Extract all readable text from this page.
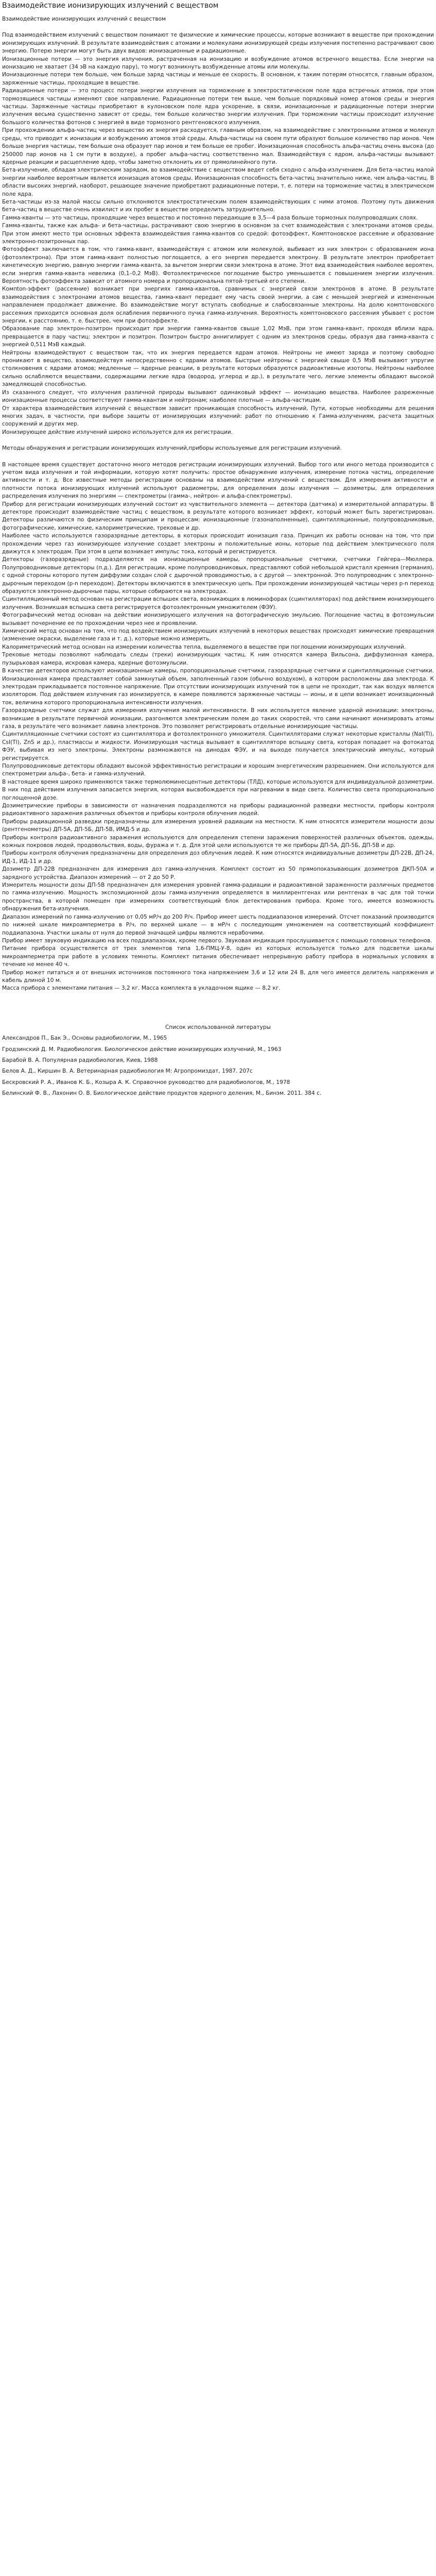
Взаимодействие ионизирующих излучений с веществом

Взаимодействие ионизирующих излучений с веществом

Под взаимодействием излучений с веществом понимают те физические и химические процессы, которые возникают в веществе при прохождении ионизирующих излучений. В результате взаимодействия с атомами и молекулами ионизирующей среды излучения постепенно растрачивают свою энергию. Потерю энергии могут быть двух видов: ионизационные и радиационные.

Ионизационные потери — это энергия излучения, растраченная на ионизацию и возбуждение атомов встречного вещества. Если энергии на ионизацию не хватает (34 эВ на каждую пару), то могут возникнуть возбужденные атомы или молекулы.

Ионизационные потери тем больше, чем больше заряд частицы и меньше ее скорость. В основном, к таким потерям относятся, главным образом, заряженные частицы, проходящие в веществе.

Радиационные потери — это процесс потери энергии излучения на торможение в электростатическом поле ядра встречных атомов, при этом тормозящиеся частицы изменяют свое направление. Радиационные потери тем выше, чем больше порядковый номер атомов среды и энергия частицы. Заряженные частицы приобретают в кулоновском поле ядра ускорение, в связи, ионизационные и радиационные потери энергии излучения весьма существенно зависят от среды, тем больше количество энергии излучения. При торможении частицы происходит излучение большого количества фотонов с энергией в виде тормозного рентгеновского излучения.

При прохождении альфа-частиц через вещество их энергия расходуется, главным образом, на взаимодействие с электронными атомов и молекул среды, что приводит к ионизации и возбуждению атомов этой среды. Альфа-частицы на своем пути образуют большое количество пар ионов. Чем больше энергия частицы, тем больше она образует пар ионов и тем больше ее пробег. Ионизационная способность альфа-частиц очень высока (до 250000 пар ионов на 1 см пути в воздухе), а пробег альфа-частиц соответственно мал. Взаимодействуя с ядром, альфа-частицы вызывают ядерные реакции и расщепление ядер, чтобы заметно отклонить их от прямолинейного пути.

Бета-излучение, обладая электрическим зарядом, во взаимодействие с веществом ведет себя сходно с альфа-излучением. Для бета-частиц малой энергии наиболее вероятным является ионизация атомов среды. Ионизационная способность бета-частиц значительно ниже, чем альфа-частиц. В области высоких энергий, наоборот, решающее значение приобретают радиационные потери, т. е. потери на торможение частиц в электрическом поле ядра.

Бета-частицы из-за малой массы сильно отклоняются электростатическим полем взаимодействующих с ними атомов. Поэтому путь движения бета-частиц в веществе очень извилист и их пробег в веществе определить затруднительно.

Гамма-кванты — это частицы, проходящие через вещество и постоянно передающие в 3,5—4 раза больше тормозных полупроводящих слоях.

Гамма-кванты, также как альфа- и бета-частицы, растрачивают свою энергию в основном за счет взаимодействия с электронами атомов среды. При этом имеют место три основных эффекта взаимодействия гамма-квантов со средой: фотоэффект, Комптоновское рассеяние и образование электронно-позитронных пар.

Фотоэффект заключается в том, что гамма-квант, взаимодействуя с атомом или молекулой, выбивает из них электрон с образованием иона (фотоэлектрона). При этом гамма-квант полностью поглощается, а его энергия передается электрону. В результате электрон приобретает кинетическую энергию, равную энергии гамма-кванта, за вычетом энергии связи электрона в атоме. Этот вид взаимодействия наиболее вероятен, если энергия гамма-кванта невелика (0,1–0,2 МэВ). Фотоэлектрическое поглощение быстро уменьшается с повышением энергии излучения. Вероятность фотоэффекта зависит от атомного номера и пропорциональна пятой-третьей его степени.

Компton-эффект (рассеяние) возникает при энергиях гамма-квантов, сравнимых с энергией связи электронов в атоме. В результате взаимодействия с электронами атомов вещества, гамма-квант передает ему часть своей энергии, а сам с меньшей энергией и измененным направлением продолжает движение. Во взаимодействие могут вступать свободные и слабосвязанные электроны. На долю комптоновского рассеяния приходится основная доля ослабления первичного пучка гамма-излучения. Вероятность комптоновского рассеяния убывает с ростом энергии, к расстоянию, т. е. быстрее, чем при фотоэффекте.

Образование пар электрон-позитрон происходит при энергии гамма-квантов свыше 1,02 МэВ, при этом гамма-квант, проходя вблизи ядра, превращается в пару частиц: электрон и позитрон. Позитрон быстро аннигилирует с одним из электронов среды, образуя два гамма-кванта с энергией 0,511 МэВ каждый.

Нейтроны взаимодействуют с веществом так, что их энергия передается ядрам атомов. Нейтроны не имеют заряда и поэтому свободно проникают в вещество, взаимодействуя непосредственно с ядрами атомов. Быстрые нейтроны с энергией свыше 0,5 МэВ вызывают упругие столкновения с ядрами атомов; медленные — ядерные реакции, в результате которых образуются радиоактивные изотопы. Нейтроны наиболее сильно ослабляются веществами, содержащими легкие ядра (водород, углерод и др.), в результате чего, легкие элементы обладают высокой замедляющей способностью.

Из сказанного следует, что излучения различной природы вызывают одинаковый эффект — ионизацию вещества. Наиболее разреженные ионизационные процессы соответствуют гамма-квантам и нейтронам; наиболее плотные — альфа-частицам.

От характера взаимодействия излучений с веществом зависит проникающая способность излучений, Пути, которые необходимы для решения многих задач, в частности, при выборе защиты от ионизирующих излучений: работ по отношению к Гамма-излучениям, расчета защитных сооружений и других мер.

Ионизирующее действие излучений широко используется для их регистрации.

Методы обнаружения и регистрации ионизирующих излучений,приборы используемые для регистрации излучений.

В настоящее время существует достаточно много методов регистрации ионизирующих излучений. Выбор того или иного метода производится с учетом вида излучения и той информации, которую хотят получить: простое обнаружение излучения, измерение потока частиц, определение активности и т. д. Все известные методы регистрации основаны на взаимодействии излучений с веществом. Для измерения активности и плотности потока ионизирующих излучений используют радиометры, для определения дозы излучения — дозиметры, для определения распределения излучения по энергиям — спектрометры (гамма-, нейтрон- и альфа-спектрометры).

Прибор для регистрации ионизирующих излучений состоит из чувствительного элемента — детектора (датчика) и измерительной аппаратуры. В детекторе происходит взаимодействие частиц с веществом, в результате которого возникает эффект, который может быть зарегистрирован. Детекторы различаются по физическим принципам и процессам: ионизационные (газонаполненные), сцинтилляционные, полупроводниковые, фотографические, химические, калориметрические, трековые и др.

Наиболее часто используются газоразрядные детекторы, в которых происходит ионизация газа. Принцип их работы основан на том, что при прохождении через газ ионизирующее излучение создает электроны и положительные ионы, которые под действием электрического поля движутся к электродам. При этом в цепи возникает импульс тока, который и регистрируется.

Детекторы (газоразрядные) подразделяются на ионизационные камеры, пропорциональные счетчики, счетчики Гейгера—Мюллера. Полупроводниковые детекторы (п.д.). Для регистрации, кроме полупроводниковых, представляют собой небольшой кристалл кремния (германия), с одной стороны которого путем диффузии создан слой с дырочной проводимостью, а с другой — электронной. Это полупроводник с электронно-дырочным переходом (p-n переходом). Детекторы включаются в электрическую цепь. При прохождении ионизирующей частицы через p-n переход образуются электронно-дырочные пары, которые собираются на электродах.

Сцинтилляционный метод основан на регистрации вспышек света, возникающих в люминофорах (сцинтилляторах) под действием ионизирующего излучения. Возникшая вспышка света регистрируется фотоэлектронным умножителем (ФЭУ).

Фотографический метод основан на действии ионизирующего излучения на фотографическую эмульсию. Поглощение частиц в фотоэмульсии вызывает почернение ее по прохождении через нее и проявлении.

Химический метод основан на том, что под воздействием ионизирующих излучений в некоторых веществах происходят химические превращения (изменение окраски, выделение газа и т. д.), которые можно измерить.

Калориметрический метод основан на измерении количества тепла, выделяемого в веществе при поглощении ионизирующих излучений.

Трековые методы позволяют наблюдать следы (треки) ионизирующих частиц. К ним относятся камера Вильсона, диффузионная камера, пузырьковая камера, искровая камера, ядерные фотоэмульсии.

В качестве детекторов используют ионизационные камеры, пропорциональные счетчики, газоразрядные счетчики и сцинтилляционные счетчики. Ионизационная камера представляет собой замкнутый объем, заполненный газом (обычно воздухом), в котором расположены два электрода. К электродам прикладывается постоянное напряжение. При отсутствии ионизирующих излучений ток в цепи не проходит, так как воздух является изолятором. Под действием излучения газ ионизируется, в камере появляются заряженные частицы — ионы, и в цепи возникает ионизационный ток, величина которого пропорциональна интенсивности излучения.

Газоразрядные счетчики служат для измерения излучения малой интенсивности. В них используется явление ударной ионизации: электроны, возникшие в результате первичной ионизации, разгоняются электрическим полем до таких скоростей, что сами начинают ионизировать атомы газа, в результате чего возникает лавина электронов. Это позволяет регистрировать отдельные ионизирующие частицы.

Сцинтилляционные счетчики состоят из сцинтиллятора и фотоэлектронного умножителя. Сцинтилляторами служат некоторые кристаллы (NaI(Tl), CsI(Tl), ZnS и др.), пластмассы и жидкости. Ионизирующая частица вызывает в сцинтилляторе вспышку света, которая попадает на фотокатод ФЭУ, выбивая из него электроны. Электроны размножаются на динодах ФЭУ, и на выходе получается электрический импульс, который регистрируется.

Полупроводниковые детекторы обладают высокой эффективностью регистрации и хорошим энергетическим разрешением. Они используются для спектрометрии альфа-, бета- и гамма-излучений.

В настоящее время широко применяются также термолюминесцентные детекторы (ТЛД), которые используются для индивидуальной дозиметрии. В них под действием излучения запасается энергия, которая высвобождается при нагревании в виде света. Количество света пропорционально поглощенной дозе.

Дозиметрические приборы в зависимости от назначения подразделяются на приборы радиационной разведки местности, приборы контроля радиоактивного заражения различных объектов и приборы контроля облучения людей.

Приборы радиационной разведки предназначены для измерения уровней радиации на местности. К ним относятся измерители мощности дозы (рентгенометры) ДП-5А, ДП-5Б, ДП-5В, ИМД-5 и др.

Приборы контроля радиоактивного заражения используются для определения степени заражения поверхностей различных объектов, одежды, кожных покровов людей, продовольствия, воды, фуража и т. д. Для этой цели используются те же приборы ДП-5А, ДП-5Б, ДП-5В и др.

Приборы контроля облучения предназначены для определения доз облучения людей. К ним относятся индивидуальные дозиметры ДП-22В, ДП-24, ИД-1, ИД-11 и др.

Дозиметр ДП-22В предназначен для измерения доз гамма-излучения. Комплект состоит из 50 прямопоказывающих дозиметров ДКП-50А и зарядного устройства. Диапазон измерений — от 2 до 50 Р.

Измеритель мощности дозы ДП-5В предназначен для измерения уровней гамма-радиации и радиоактивной зараженности различных предметов по гамма-излучению. Мощность экспозиционной дозы гамма-излучения определяется в миллирентгенах или рентгенах в час для той точки пространства, в которой помещен при измерениях соответствующий блок детектирования прибора. Кроме того, имеется возможность обнаружения бета-излучения.

Диапазон измерений по гамма-излучению от 0,05 мР/ч до 200 Р/ч. Прибор имеет шесть поддиапазонов измерений. Отсчет показаний производится по нижней шкале микроамперметра в Р/ч, по верхней шкале — в мР/ч с последующим умножением на соответствующий коэффициент поддиапазона. Участки шкалы от нуля до первой значащей цифры являются нерабочими.

Прибор имеет звуковую индикацию на всех поддиапазонах, кроме первого. Звуковая индикация прослушивается с помощью головных телефонов.

Питание прибора осуществляется от трех элементов типа 1,6-ПМЦ-У-8, один из которых используется только для подсветки шкалы микроамперметра при работе в условиях темноты. Комплект питания обеспечивает непрерывную работу прибора в нормальных условиях в течение не менее 40 ч.

Прибор может питаться и от внешних источников постоянного тока напряжением 3,6 и 12 или 24 В, для чего имеется делитель напряжения и кабель длиной 10 м.

Масса прибора с элементами питания — 3,2 кг. Масса комплекта в укладочном ящике — 8,2 кг.

Список использованной литературы

Александров П., Бак Э., Основы радиобиологии, М., 1965

Гродзинский Д. М. Радиобиология. Биологическое действие ионизирующих излучений, М., 1963

Барабой В. А. Популярная радиобиология, Киев, 1988

Белов А. Д., Киршин В. А. Ветеринарная радиобиология М: Агропромиздат, 1987. 207с

Бескровский Р. А., Иванов К. Б., Козыра А. К. Справочное руководство для радиобиологов, М., 1978

Белинский Ф. В., Лахонин О. В. Биологическое действие продуктов ядерного деления, М., Бинэм. 2011. 384 с.
